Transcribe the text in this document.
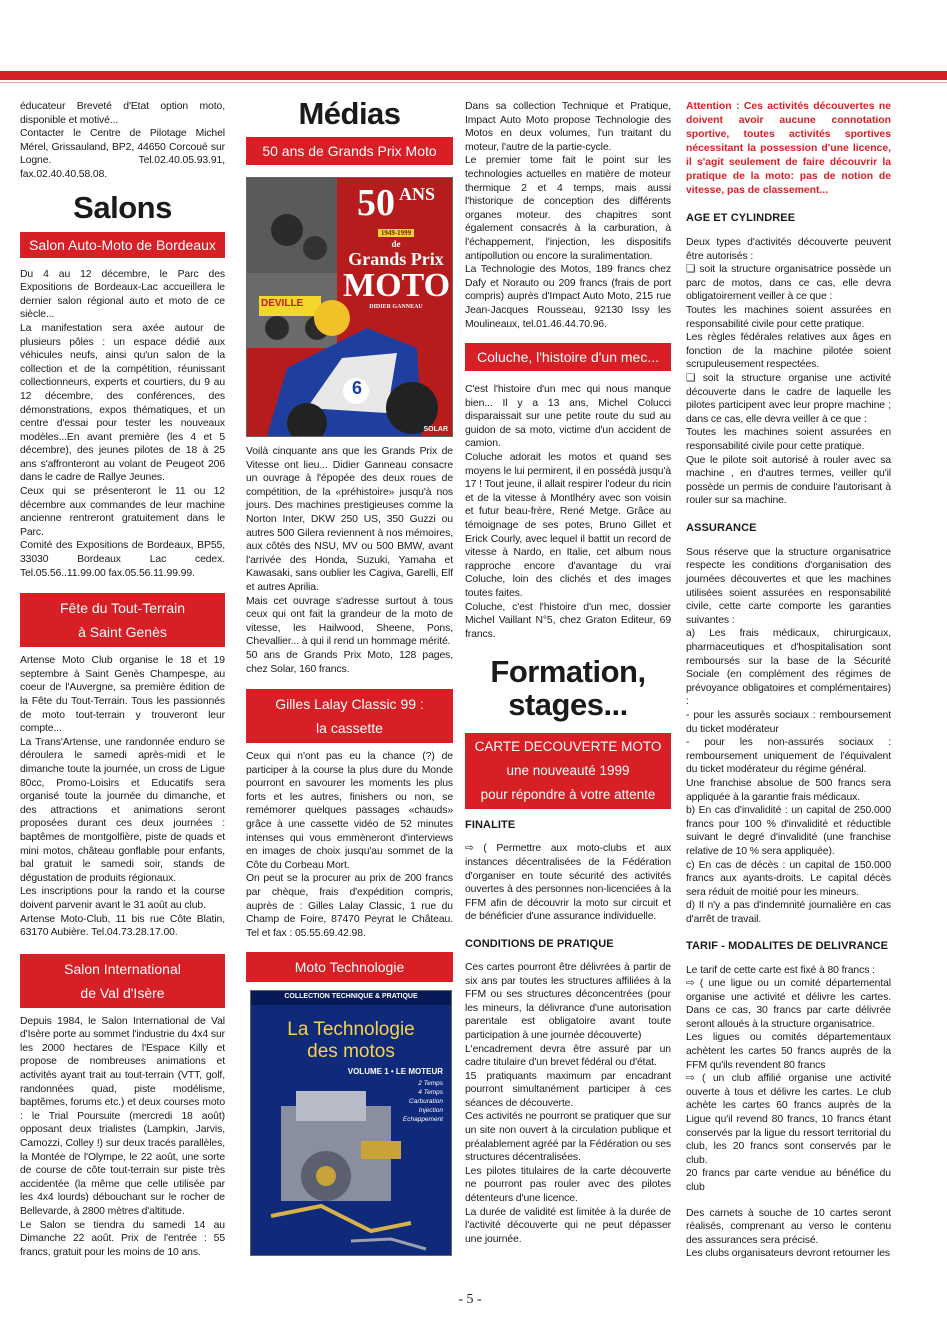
éducateur Breveté d'Etat option moto, disponible et motivé...

Contacter le Centre de Pilotage Michel Mérel, Grissauland, BP2, 44650 Corcoué sur Logne. Tel.02.40.05.93.91, fax.02.40.40.58.08.

Salons
Salon Auto-Moto de Bordeaux

Du 4 au 12 décembre, le Parc des Expositions de Bordeaux-Lac accueillera le dernier salon régional auto et moto de ce siècle...

La manifestation sera axée autour de plusieurs pôles : un espace dédié aux véhicules neufs, ainsi qu'un salon de la collection et de la compétition, réunissant collectionneurs, experts et courtiers, du 9 au 12 décembre, des conférences, des démonstrations, expos thématiques, et un centre d'essai pour tester les nouveaux modèles...En avant première (les 4 et 5 décembre), des jeunes pilotes de 18 à 25 ans s'affronteront au volant de Peugeot 206 dans le cadre de Rallye Jeunes.

Ceux qui se présenteront le 11 ou 12 décembre aux commandes de leur machine ancienne rentreront gratuitement dans le Parc.

Comité des Expositions de Bordeaux, BP55, 33030 Bordeaux Lac cedex. Tel.05.56..11.99.00 fax.05.56.11.99.99.

Fête du Tout-Terrain
à Saint Genès

Artense Moto Club organise le 18 et 19 septembre à Saint Genès Champespe, au coeur de l'Auvergne, sa première édition de la Fête du Tout-Terrain. Tous les passionnés de moto tout-terrain y trouveront leur compte...

La Trans'Artense, une randonnée enduro se déroulera le samedi après-midi et le dimanche toute la journée, un cross de Ligue 80cc, Promo-Loisirs et Educatifs sera organisé toute la journée du dimanche, et des attractions et animations seront proposées durant ces deux journées : baptêmes de montgolfière, piste de quads et mini motos, château gonflable pour enfants, bal gratuit le samedi soir, stands de dégustation de produits régionaux.

Les inscriptions pour la rando et la course doivent parvenir avant le 31 août au club.

Artense Moto-Club, 11 bis rue Côte Blatin, 63170 Aubière. Tel.04.73.28.17.00.

Salon International
de Val d'Isère

Depuis 1984, le Salon International de Val d'Isère porte au sommet l'industrie du 4x4 sur les 2000 hectares de l'Espace Killy et propose de nombreuses animations et activités ayant trait au tout-terrain (VTT, golf, randonnées quad, piste modélisme, baptêmes, forums etc.) et deux courses moto : le Trial Poursuite (mercredi 18 août) opposant deux trialistes (Lampkin, Jarvis, Camozzi, Colley !) sur deux tracés parallèles, la Montée de l'Olympe, le 22 août, une sorte de course de côte tout-terrain sur piste très accidentée (la même que celle utilisée par les 4x4 lourds) débouchant sur le rocher de Bellevarde, à 2800 mètres d'altitude.

Le Salon se tiendra du samedi 14 au Dimanche 22 août. Prix de l'entrée : 55 francs, gratuit pour les moins de 10 ans.

Médias
50 ans de Grands Prix Moto
50 ANS 1949-1999
de
Grands Prix
MOTO
DIDIER GANNEAU
DEVILLE
6
SOLAR

Voilà cinquante ans que les Grands Prix de Vitesse ont lieu... Didier Ganneau consacre un ouvrage à l'épopée des deux roues de compétition, de la «préhistoire» jusqu'à nos jours. Des machines prestigieuses comme la Norton Inter, DKW 250 US, 350 Guzzi ou autres 500 Gilera reviennent à nos mémoires, aux côtés des NSU, MV ou 500 BMW, avant l'arrivée des Honda, Suzuki, Yamaha et Kawasaki, sans oublier les Cagiva, Garelli, Elf et autres Aprilia.

Mais cet ouvrage s'adresse surtout à tous ceux qui ont fait la grandeur de la moto de vitesse, les Hailwood, Sheene, Pons, Chevallier... à qui il rend un hommage mérité.

50 ans de Grands Prix Moto, 128 pages, chez Solar, 160 francs.

Gilles Lalay Classic 99 :
la cassette

Ceux qui n'ont pas eu la chance (?) de participer à la course la plus dure du Monde pourront en savourer les moments les plus forts et les autres, finishers ou non, se remémorer quelques passages «chauds» grâce à une cassette vidéo de 52 minutes intenses qui vous emmèneront d'interviews en images de choix jusqu'au sommet de la Côte du Corbeau Mort.

On peut se la procurer au prix de 200 francs par chèque, frais d'expédition compris, auprès de : Gilles Lalay Classic, 1 rue du Champ de Foire, 87470 Peyrat le Château. Tel et fax : 05.55.69.42.98.

Moto Technologie
COLLECTION TECHNIQUE & PRATIQUE
La Technologie
des motos
VOLUME 1 • LE MOTEUR
2 Temps
4 Temps
Carburation
Injection
Echappement

Dans sa collection Technique et Pratique, Impact Auto Moto propose Technologie des Motos en deux volumes, l'un traitant du moteur, l'autre de la partie-cycle.

Le premier tome fait le point sur les technologies actuelles en matière de moteur thermique 2 et 4 temps, mais aussi l'historique de conception des différents organes moteur. des chapitres sont également consacrés à la carburation, à l'échappement, l'injection, les dispositifs antipollution ou encore la suralimentation.

La Technologie des Motos, 189 francs chez Dafy et Norauto ou 209 francs (frais de port compris) auprès d'Impact Auto Moto, 215 rue Jean-Jacques Rousseau, 92130 Issy les Moulineaux, tel.01.46.44.70.96.

Coluche, l'histoire d'un mec...

C'est l'histoire d'un mec qui nous manque bien... Il y a 13 ans, Michel Colucci disparaissait sur une petite route du sud au guidon de sa moto, victime d'un accident de camion.

Coluche adorait les motos et quand ses moyens le lui permirent, il en possédà jusqu'à 17 ! Tout jeune, il allait respirer l'odeur du ricin et de la vitesse à Montlhéry avec son voisin et futur beau-frère, René Metge. Grâce au témoignage de ses potes, Bruno Gillet et Erick Courly, avec lequel il battit un record de vitesse à Nardo, en Italie, cet album nous rapproche encore d'avantage du vrai Coluche, loin des clichés et des images toutes faites.

Coluche, c'est l'histoire d'un mec, dossier Michel Vaillant N°5, chez Graton Editeur, 69 francs.

Formation,
stages...
CARTE DECOUVERTE MOTO
une nouveauté 1999
pour répondre à votre attente
FINALITE

⇨ ( Permettre aux moto-clubs et aux instances décentralisées de la Fédération d'organiser en toute sécurité des activités ouvertes à des personnes non-licenciées à la FFM afin de découvrir la moto sur circuit et de bénéficier d'une assurance individuelle.

CONDITIONS DE PRATIQUE

Ces cartes pourront être délivrées à partir de six ans par toutes les structures affiliées à la FFM ou ses structures déconcentrées (pour les mineurs, la délivrance d'une autorisation parentale est obligatoire avant toute participation à une journée découverte)

L'encadrement devra être assuré par un cadre titulaire d'un brevet fédéral ou d'état.

15 pratiquants maximum par encadrant pourront simultanément participer à ces séances de découverte.

Ces activités ne pourront se pratiquer que sur un site non ouvert à la circulation publique et préalablement agréé par la Fédération ou ses structures décentralisées.

Les pilotes titulaires de la carte découverte ne pourront pas rouler avec des pilotes détenteurs d'une licence.

La durée de validité est limitée à la durée de l'activité découverte qui ne peut dépasser une journée.

Attention : Ces activités découvertes ne doivent avoir aucune connotation sportive, toutes activités sportives nécessitant la possession d'une licence, il s'agit seulement de faire découvrir la pratique de la moto: pas de notion de vitesse, pas de classement...
AGE ET CYLINDREE

Deux types d'activités découverte peuvent être autorisés :

❑ soit la structure organisatrice possède un parc de motos, dans ce cas, elle devra obligatoirement veiller à ce que :

Toutes les machines soient assurées en responsabilité civile pour cette pratique.

Les règles fédérales relatives aux âges en fonction de la machine pilotée soient scrupuleusement respectées.

❑ soit la structure organise une activité découverte dans le cadre de laquelle les pilotes participent avec leur propre machine ; dans ce cas, elle devra veiller à ce que :

Toutes les machines soient assurées en responsabilité civile pour cette pratique.

Que le pilote soit autorisé à rouler avec sa machine , en d'autres termes, veiller qu'il possède un permis de conduire l'autorisant à rouler sur sa machine.

ASSURANCE

Sous réserve que la structure organisatrice respecte les conditions d'organisation des journées découvertes et que les machines utilisées soient assurées en responsabilité civile, cette carte comporte les garanties suivantes :

a) Les frais médicaux, chirurgicaux, pharmaceutiques et d'hospitalisation sont remboursés sur la base de la Sécurité Sociale (en complément des régimes de prévoyance obligatoires et complémentaires) :

- pour les assurés sociaux : remboursement du ticket modérateur

- pour les non-assurés sociaux : remboursement uniquement de l'équivalent du ticket modérateur du régime général.

Une franchise absolue de 500 francs sera appliquée à la garantie frais médicaux.

b) En cas d'invalidité : un capital de 250.000 francs pour 100 % d'invalidité et réductible suivant le degré d'invalidité (une franchise relative de 10 % sera appliquée).

c) En cas de décès : un capital de 150.000 francs aux ayants-droits. Le capital décès sera réduit de moitié pour les mineurs.

d) Il n'y a pas d'indemnité journalière en cas d'arrêt de travail.

TARIF - MODALITES DE DELIVRANCE

Le tarif de cette carte est fixé à 80 francs :

⇨ ( une ligue ou un comité départemental organise une activité et délivre les cartes. Dans ce cas, 30 francs par carte délivrée seront alloués à la structure organisatrice.

Les ligues ou comités départementaux achètent les cartes 50 francs auprès de la FFM qu'ils revendent 80 francs

⇨ ( un club affilié organise une activité ouverte à tous et délivre les cartes. Le club achète les cartes 60 francs auprès de la Ligue qu'il revend 80 francs, 10 francs étant conservés par la ligue du ressort territorial du club, les 20 francs sont conservés par le club.

20 francs par carte vendue au bénéfice du club

Des carnets à souche de 10 cartes seront réalisés, comprenant au verso le contenu des assurances sera précisé.

Les clubs organisateurs devront retourner les

- 5 -
